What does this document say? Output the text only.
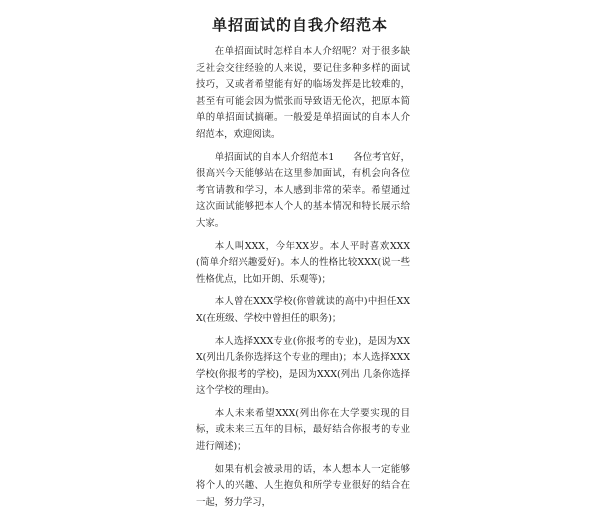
单招面试的自我介绍范本

在单招面试时怎样自本人介绍呢？对于很多缺乏社会交往经验的人来说，要记住多种多样的面试技巧，又或者希望能有好的临场发挥是比较难的，甚至有可能会因为慌张而导致语无伦次，把原本简单的单招面试搞砸。一般爱是单招面试的自本人介绍范本，欢迎阅读。

单招面试的自本人介绍范本1　　各位考官好，很高兴今天能够站在这里参加面试，有机会向各位考官请教和学习，本人感到非常的荣幸。希望通过这次面试能够把本人个人的基本情况和特长展示给大家。

本人叫XXX，今年XX岁。本人平时喜欢XXX(简单介绍兴趣爱好)。本人的性格比较XXX(说一些性格优点，比如开朗、乐观等)；

本人曾在XXX学校(你曾就读的高中)中担任XXX(在班级、学校中曾担任的职务)；

本人选择XXX专业(你报考的专业)，是因为XXX(列出几条你选择这个专业的理由)；本人选择XXX学校(你报考的学校)，是因为XXX(列出 几条你选择这个学校的理由)。

本人未来希望XXX(列出你在大学要实现的目标，或未来三五年的目标，最好结合你报考的专业进行阐述)；

如果有机会被录用的话，本人想本人一定能够将个人的兴趣、人生抱负和所学专业很好的结合在一起，努力学习，
